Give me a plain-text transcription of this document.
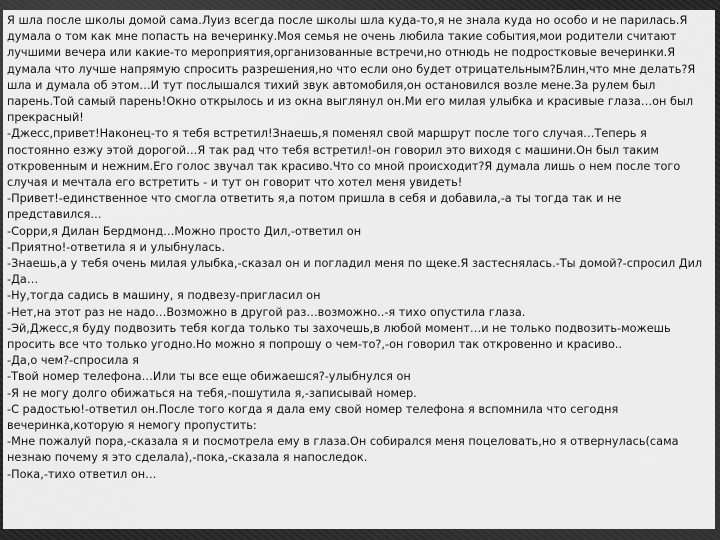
Я шла после школы домой сама.Луиз всегда после школы шла куда-то,я не знала куда но особо и не парилась.Я думала о том как мне попасть на вечеринку.Моя семья не очень любила такие события,мои родители считают лучшими вечера или какие-то мероприятия,организованные встречи,но отнюдь не подростковые вечеринки.Я думала что лучше напрямую спросить разрешения,но что если оно будет отрицательным?Блин,что мне делать?Я шла и думала об этом…И тут послышался тихий звук автомобиля,он остановился возле мене.За рулем был парень.Той самый парень!Окно открылось и из окна выглянул он.Ми его милая улыбка и красивые глаза…он был прекрасный!

-Джесс,привет!Наконец-то я тебя встретил!Знаешь,я поменял свой маршрут после того случая…Теперь я постоянно езжу этой дорогой…Я так рад что тебя встретил!-он говорил это виходя с машини.Он был таким откровенным и нежним.Его голос звучал так красиво.Что со мной происходит?Я думала лишь о нем после того случая и мечтала его встретить - и тут он говорит что хотел меня увидеть!

-Привет!-единственное что смогла ответить я,а потом пришла в себя и добавила,-а ты тогда так и не представился…

-Сорри,я Дилан Бердмонд…Можно просто Дил,-ответил он

-Приятно!-ответила я и улыбнулась.

-Знаешь,а у тебя очень милая улыбка,-сказал он и погладил меня по щеке.Я застеснялась.-Ты домой?-спросил Дил

-Да…

-Ну,тогда садись в машину, я подвезу-пригласил он

-Нет,на этот раз не надо…Возможно в другой раз…возможно..-я тихо опустила глаза.

-Эй,Джесс,я буду подвозить тебя когда только ты захочешь,в любой момент…и не только подвозить-можешь просить все что только угодно.Но можно я попрошу о чем-то?,-он говорил так откровенно и красиво..

-Да,о чем?-спросила я

-Твой номер телефона…Или ты все еще обижаешся?-улыбнулся он

-Я не могу долго обижаться на тебя,-пошутила я,-записывай номер.

-С радостью!-ответил он.После того когда я дала ему свой номер телефона я вспомнила что сегодня вечеринка,которую я немогу пропустить:

-Мне пожалуй пора,-сказала я и посмотрела ему в глаза.Он собирался меня поцеловать,но я отвернулась(сама незнаю почему я это сделала),-пока,-сказала я напоследок.

-Пока,-тихо ответил он…
